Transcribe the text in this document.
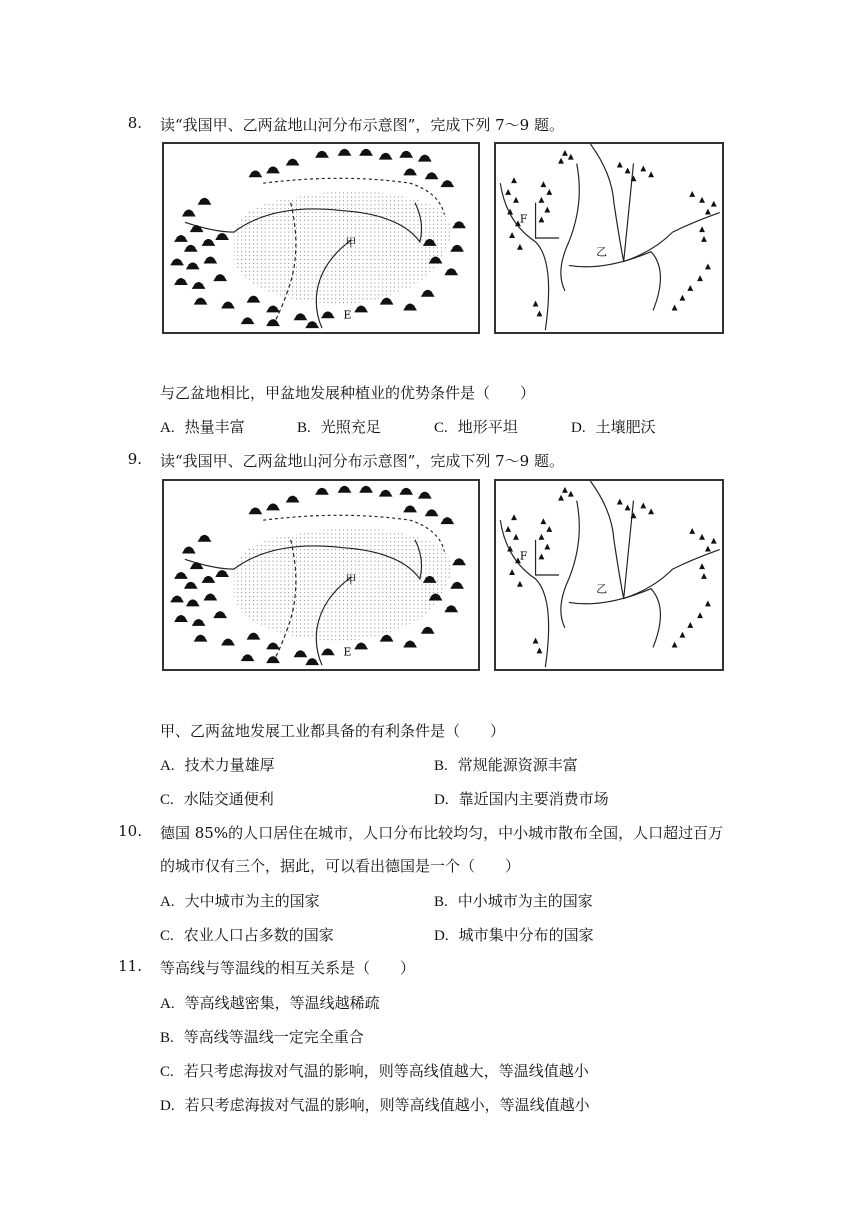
8. 读“我国甲、乙两盆地山河分布示意图”，完成下列 7～9 题。
甲
E
乙
F
与乙盆地相比，甲盆地发展种植业的优势条件是（　　）
A. 热量丰富	B. 光照充足	C. 地形平坦	D. 土壤肥沃
9. 读“我国甲、乙两盆地山河分布示意图”，完成下列 7～9 题。
甲
E
乙
F
甲、乙两盆地发展工业都具备的有利条件是（　　）
A. 技术力量雄厚	B. 常规能源资源丰富
C. 水陆交通便利	D. 靠近国内主要消费市场
10. 德国 85%的人口居住在城市，人口分布比较均匀，中小城市散布全国，人口超过百万
的城市仅有三个，据此，可以看出德国是一个（　　）
A. 大中城市为主的国家	B. 中小城市为主的国家
C. 农业人口占多数的国家	D. 城市集中分布的国家
11. 等高线与等温线的相互关系是（　　）
A. 等高线越密集，等温线越稀疏
B. 等高线等温线一定完全重合
C. 若只考虑海拔对气温的影响，则等高线值越大，等温线值越小
D. 若只考虑海拔对气温的影响，则等高线值越小，等温线值越小
